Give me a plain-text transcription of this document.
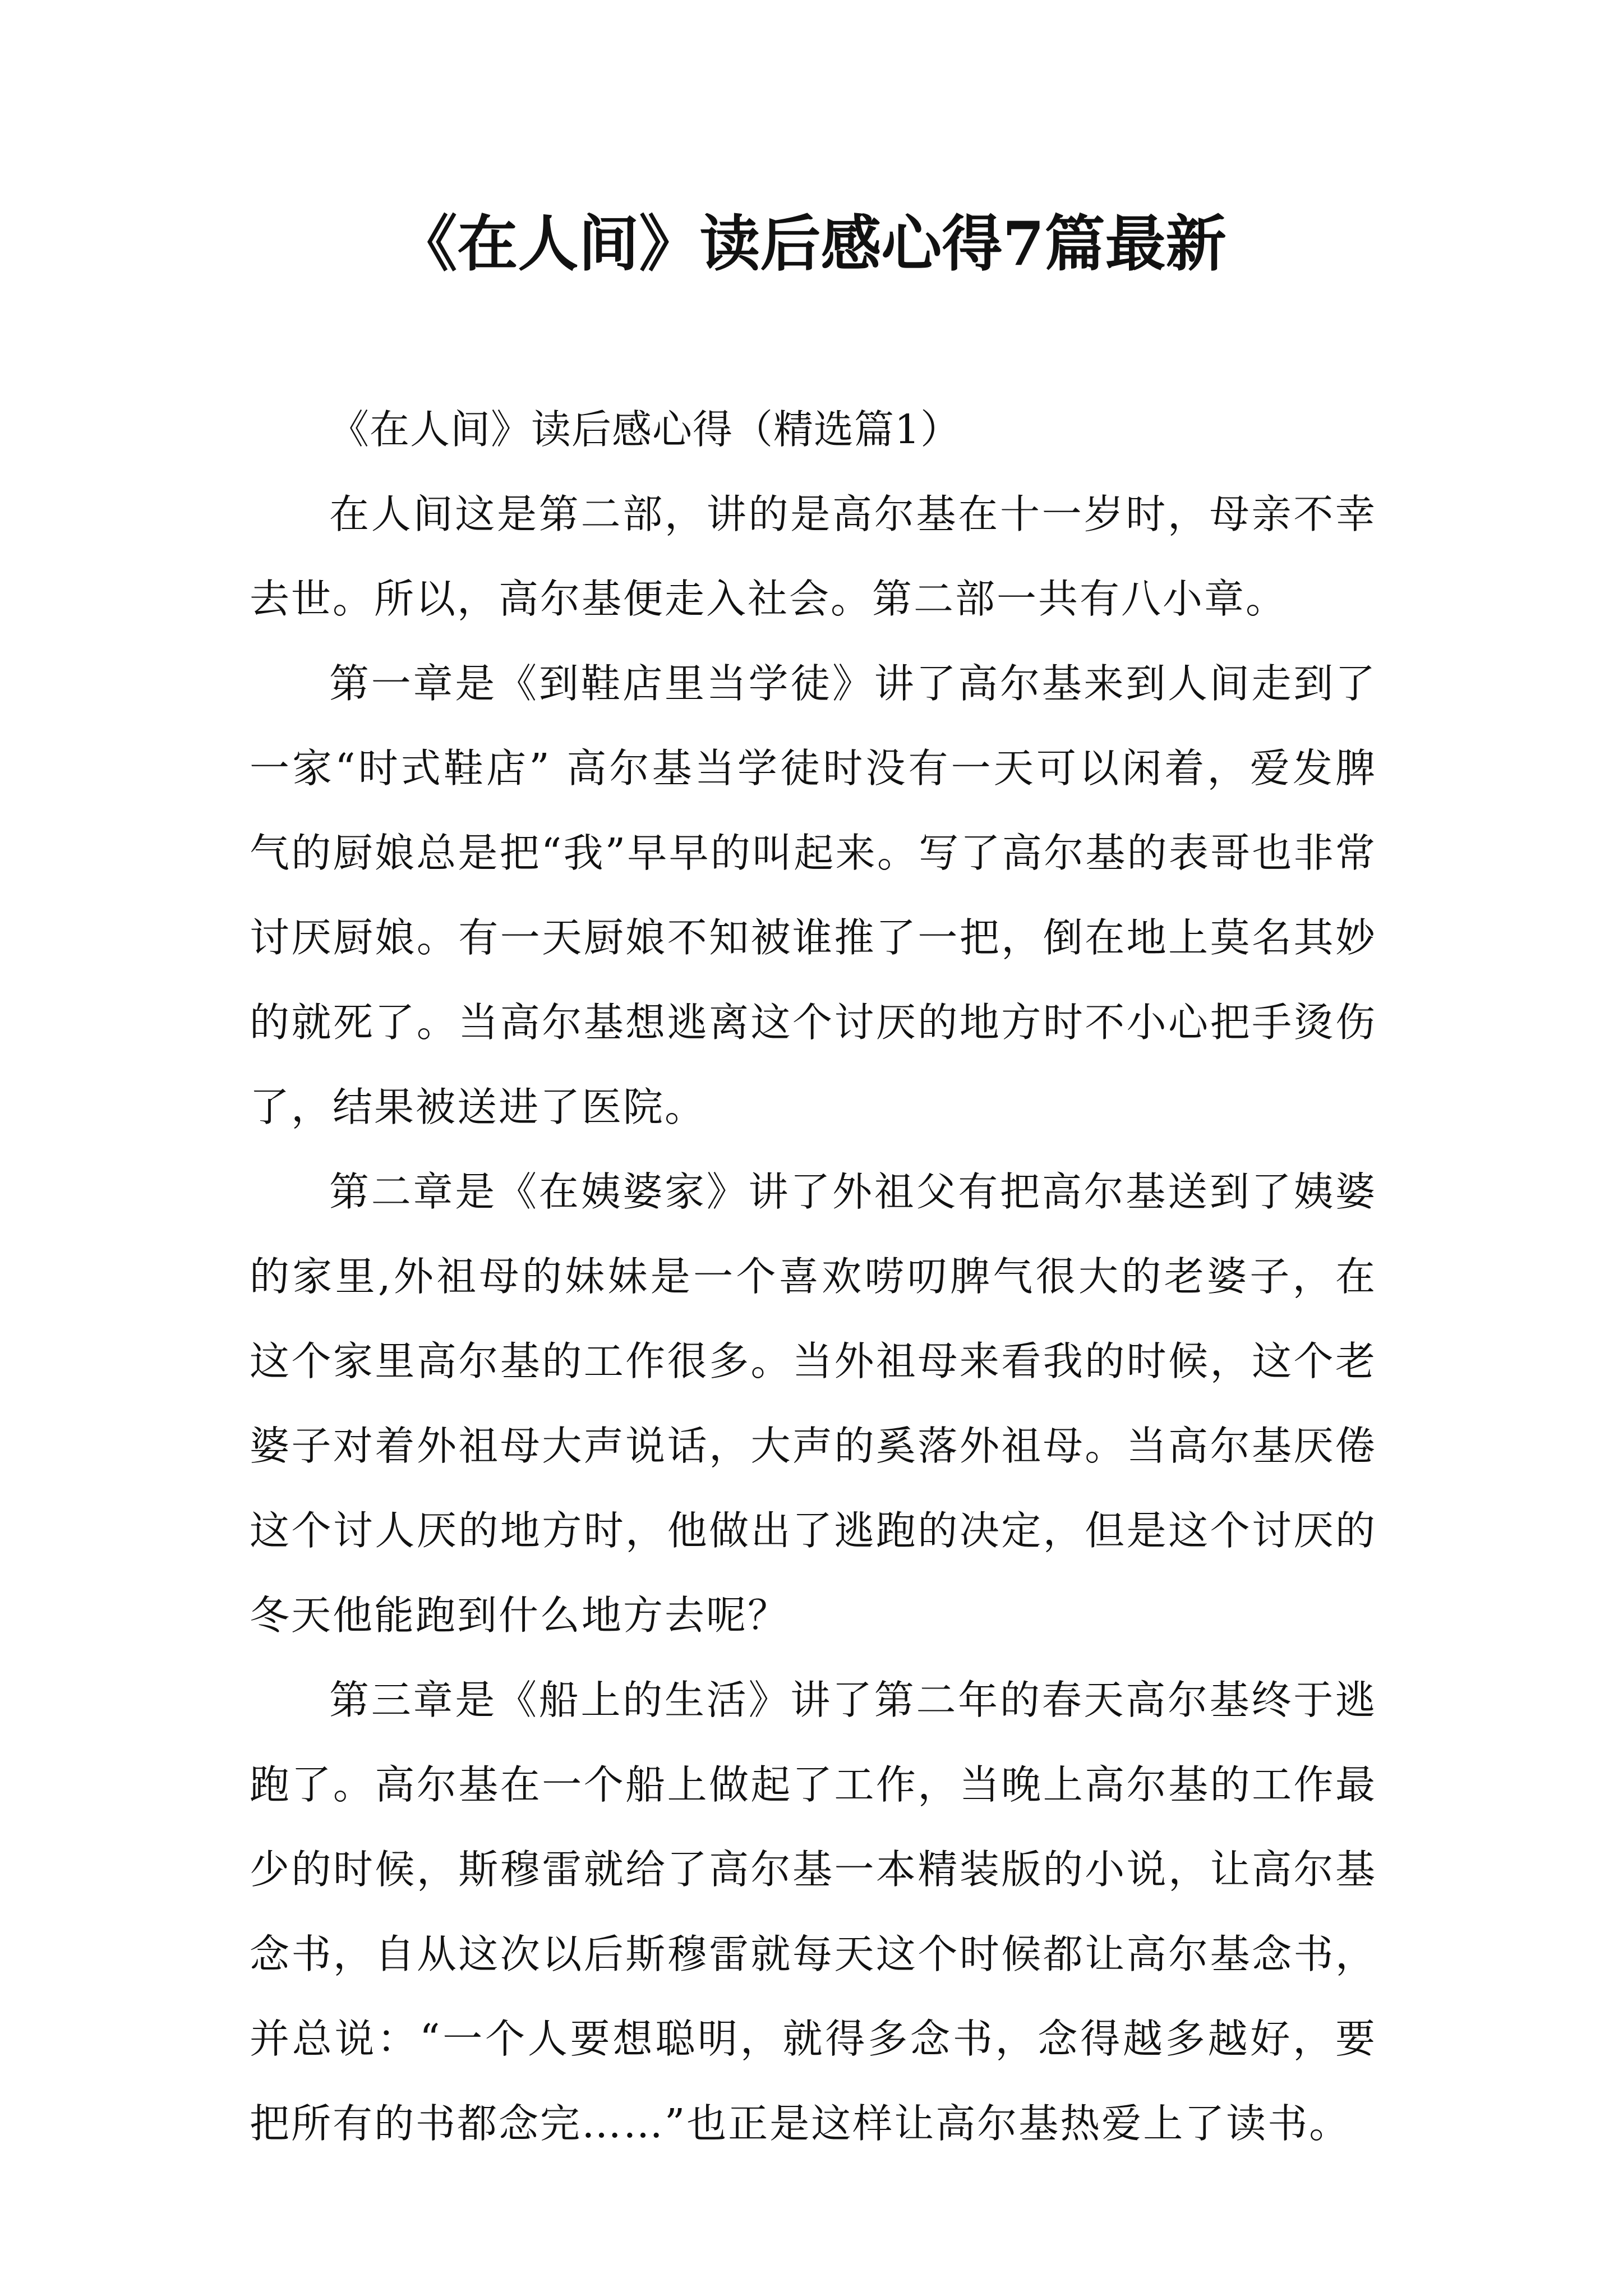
《在人间》读后感心得7篇最新

《在人间》读后感心得（精选篇1）

在人间这是第二部，讲的是高尔基在十一岁时，母亲不幸去世。所以，高尔基便走入社会。第二部一共有八小章。

第一章是《到鞋店里当学徒》讲了高尔基来到人间走到了一家“时式鞋店” 高尔基当学徒时没有一天可以闲着，爱发脾气的厨娘总是把“我”早早的叫起来。写了高尔基的表哥也非常讨厌厨娘。有一天厨娘不知被谁推了一把，倒在地上莫名其妙的就死了。当高尔基想逃离这个讨厌的地方时不小心把手烫伤了，结果被送进了医院。

第二章是《在姨婆家》讲了外祖父有把高尔基送到了姨婆的家里,外祖母的妹妹是一个喜欢唠叨脾气很大的老婆子，在这个家里高尔基的工作很多。当外祖母来看我的时候，这个老婆子对着外祖母大声说话，大声的奚落外祖母。当高尔基厌倦这个讨人厌的地方时，他做出了逃跑的决定，但是这个讨厌的冬天他能跑到什么地方去呢？

第三章是《船上的生活》讲了第二年的春天高尔基终于逃跑了。高尔基在一个船上做起了工作，当晚上高尔基的工作最少的时候，斯穆雷就给了高尔基一本精装版的小说，让高尔基念书，自从这次以后斯穆雷就每天这个时候都让高尔基念书，并总说：“一个人要想聪明，就得多念书，念得越多越好，要把所有的书都念完……”也正是这样让高尔基热爱上了读书。
